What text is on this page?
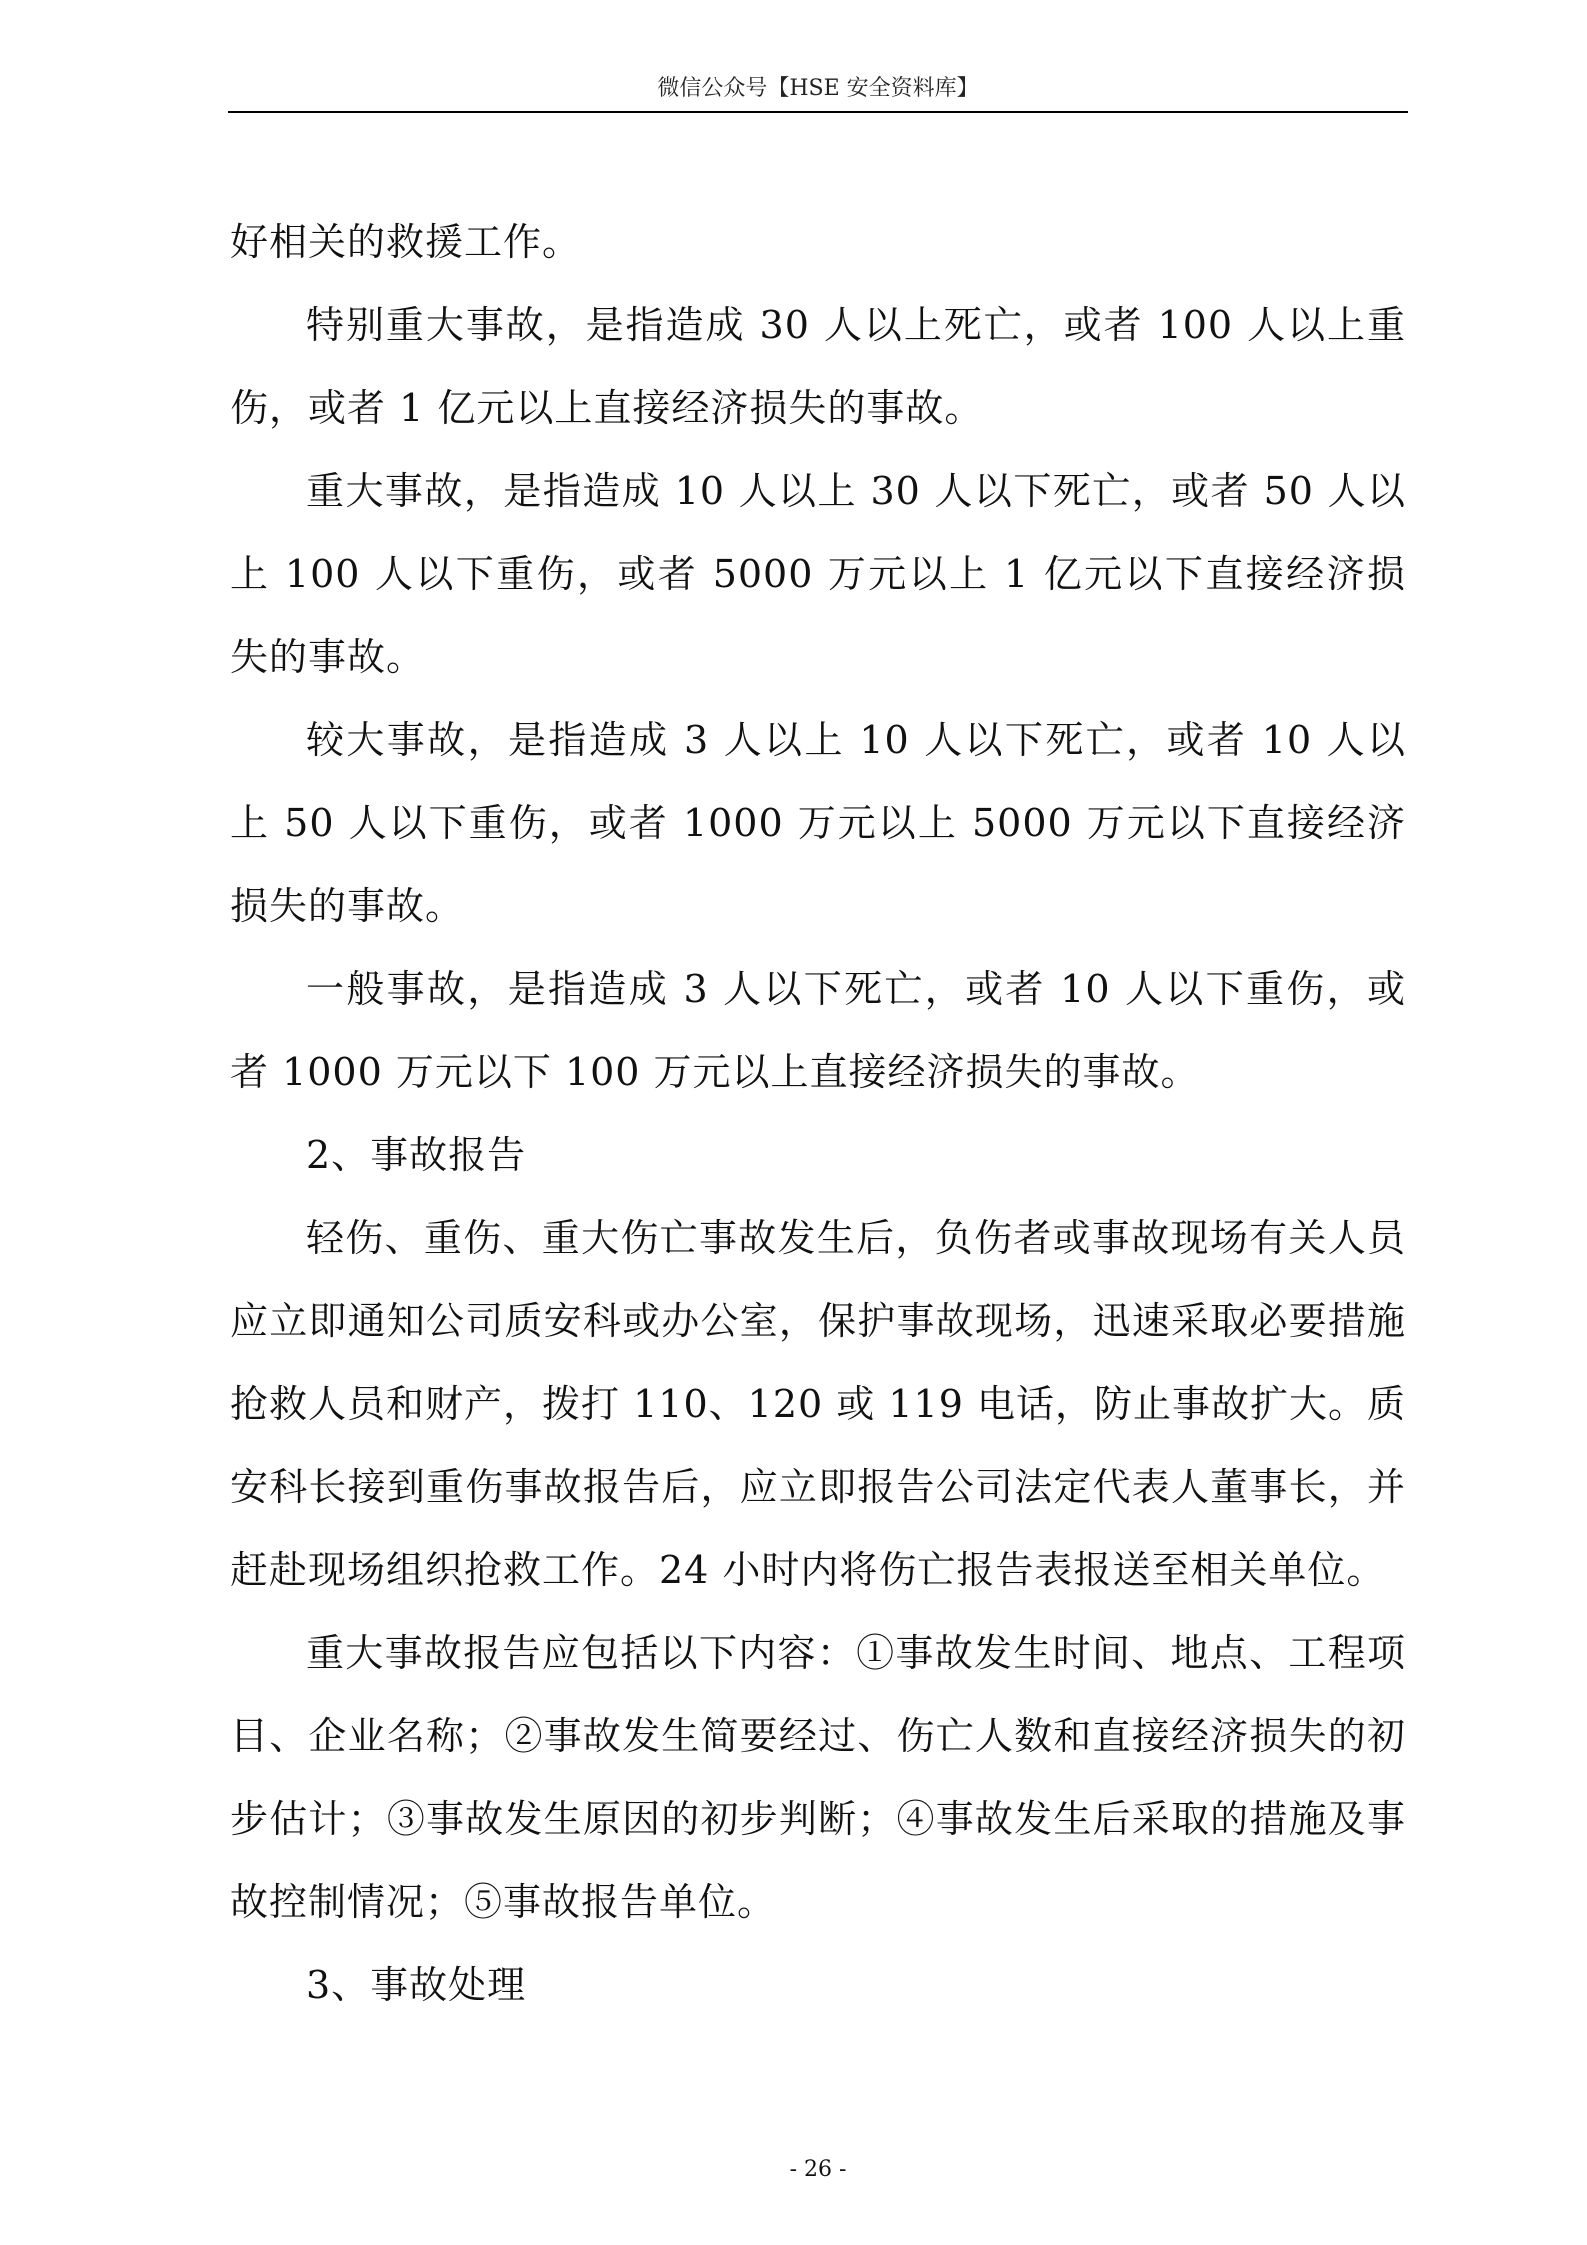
微信公众号【HSE 安全资料库】

好相关的救援工作。

特别重大事故，是指造成 30 人以上死亡，或者 100 人以上重伤，或者 1 亿元以上直接经济损失的事故。

重大事故，是指造成 10 人以上 30 人以下死亡，或者 50 人以上 100 人以下重伤，或者 5000 万元以上 1 亿元以下直接经济损失的事故。

较大事故，是指造成 3 人以上 10 人以下死亡，或者 10 人以上 50 人以下重伤，或者 1000 万元以上 5000 万元以下直接经济损失的事故。

一般事故，是指造成 3 人以下死亡，或者 10 人以下重伤，或者 1000 万元以下 100 万元以上直接经济损失的事故。

2、事故报告

轻伤、重伤、重大伤亡事故发生后，负伤者或事故现场有关人员应立即通知公司质安科或办公室，保护事故现场，迅速采取必要措施抢救人员和财产，拨打 110、120 或 119 电话，防止事故扩大。质安科长接到重伤事故报告后，应立即报告公司法定代表人董事长，并赶赴现场组织抢救工作。24 小时内将伤亡报告表报送至相关单位。

重大事故报告应包括以下内容：①事故发生时间、地点、工程项目、企业名称；②事故发生简要经过、伤亡人数和直接经济损失的初步估计；③事故发生原因的初步判断；④事故发生后采取的措施及事故控制情况；⑤事故报告单位。

3、事故处理

- 26 -
